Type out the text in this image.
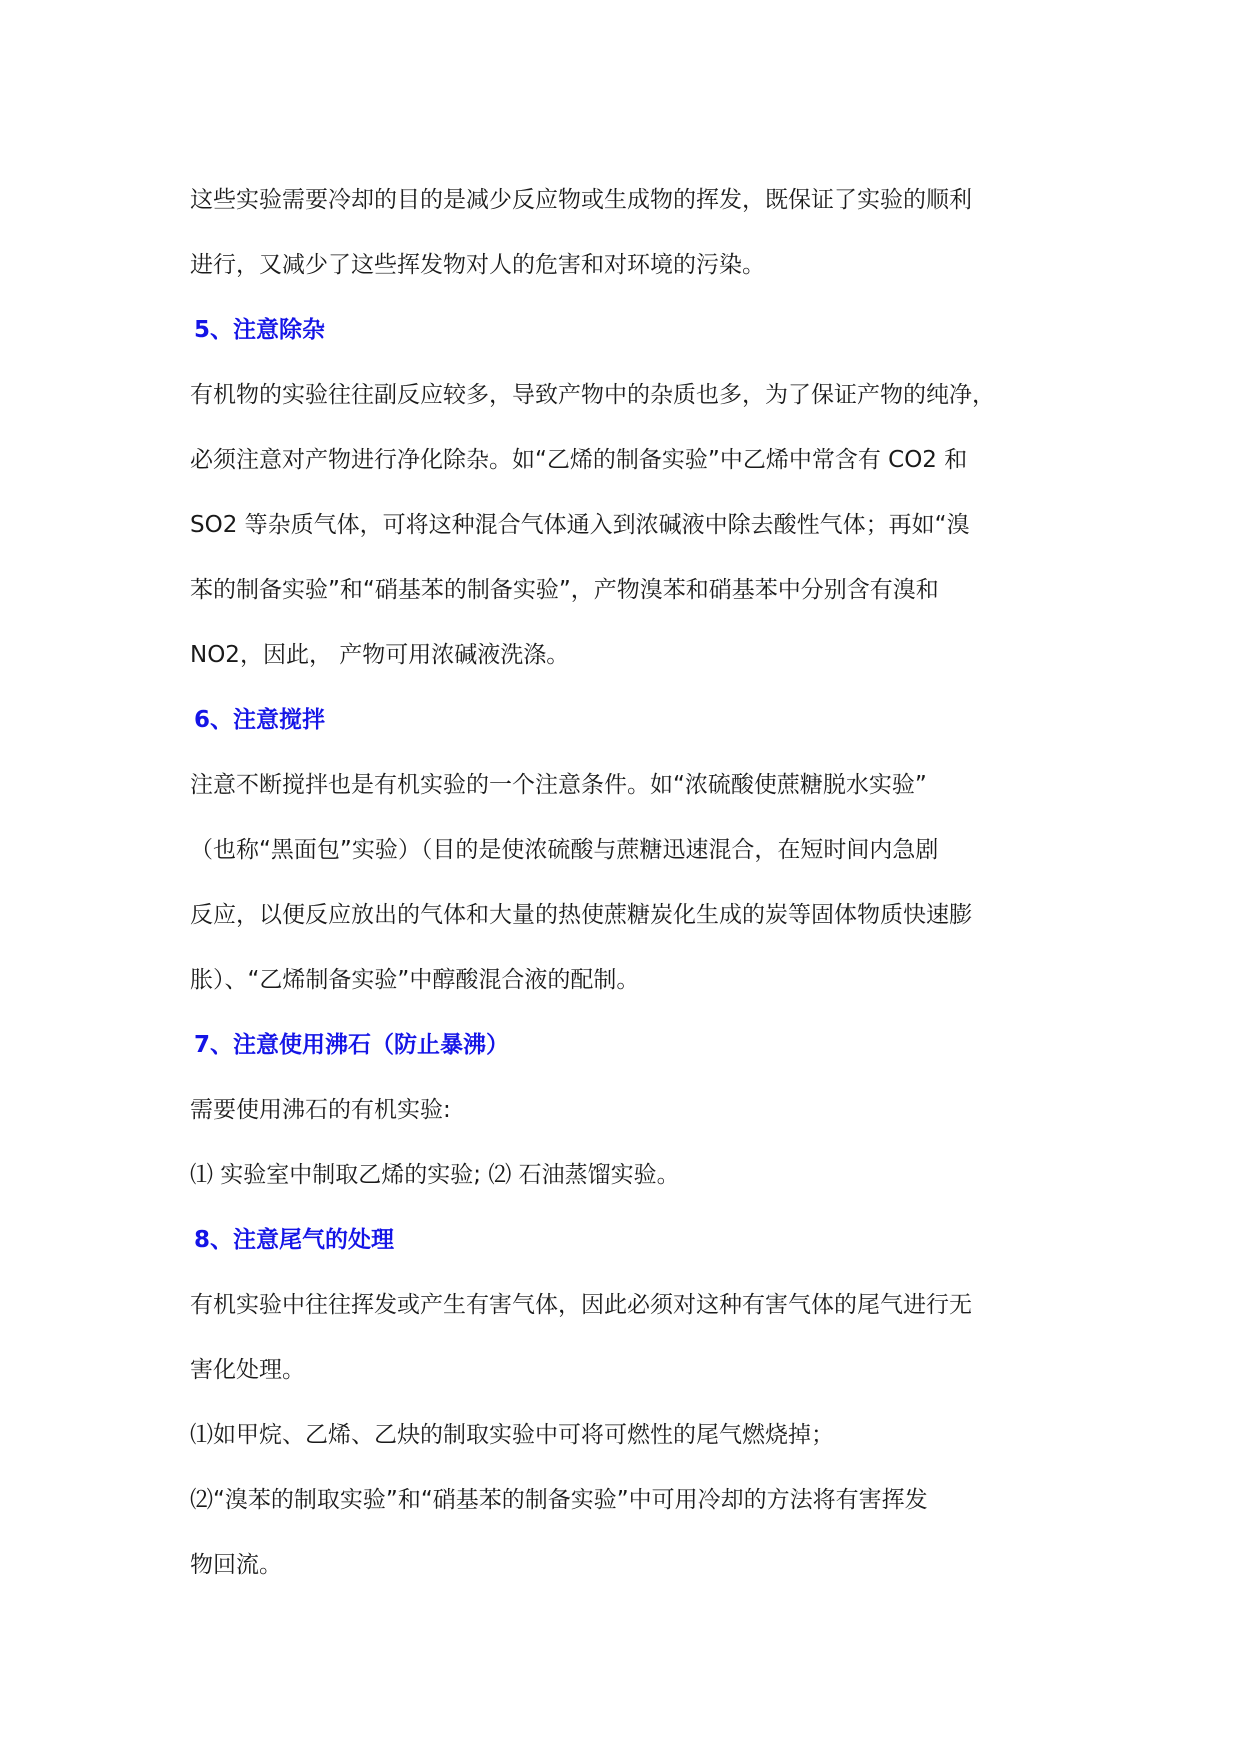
这些实验需要冷却的目的是减少反应物或生成物的挥发，既保证了实验的顺利

进行，又减少了这些挥发物对人的危害和对环境的污染。

5、注意除杂

有机物的实验往往副反应较多，导致产物中的杂质也多，为了保证产物的纯净，

必须注意对产物进行净化除杂。如“乙烯的制备实验”中乙烯中常含有 CO2 和

SO2 等杂质气体，可将这种混合气体通入到浓碱液中除去酸性气体；再如“溴

苯的制备实验”和“硝基苯的制备实验”，产物溴苯和硝基苯中分别含有溴和

NO2，因此， 产物可用浓碱液洗涤。

6、注意搅拌

注意不断搅拌也是有机实验的一个注意条件。如“浓硫酸使蔗糖脱水实验”

（也称“黑面包”实验）（目的是使浓硫酸与蔗糖迅速混合，在短时间内急剧

反应，以便反应放出的气体和大量的热使蔗糖炭化生成的炭等固体物质快速膨

胀）、“乙烯制备实验”中醇酸混合液的配制。

7、注意使用沸石（防止暴沸）

需要使用沸石的有机实验:

⑴ 实验室中制取乙烯的实验; ⑵ 石油蒸馏实验。

8、注意尾气的处理

有机实验中往往挥发或产生有害气体，因此必须对这种有害气体的尾气进行无

害化处理。

⑴如甲烷、乙烯、乙炔的制取实验中可将可燃性的尾气燃烧掉；

⑵“溴苯的制取实验”和“硝基苯的制备实验”中可用冷却的方法将有害挥发

物回流。
